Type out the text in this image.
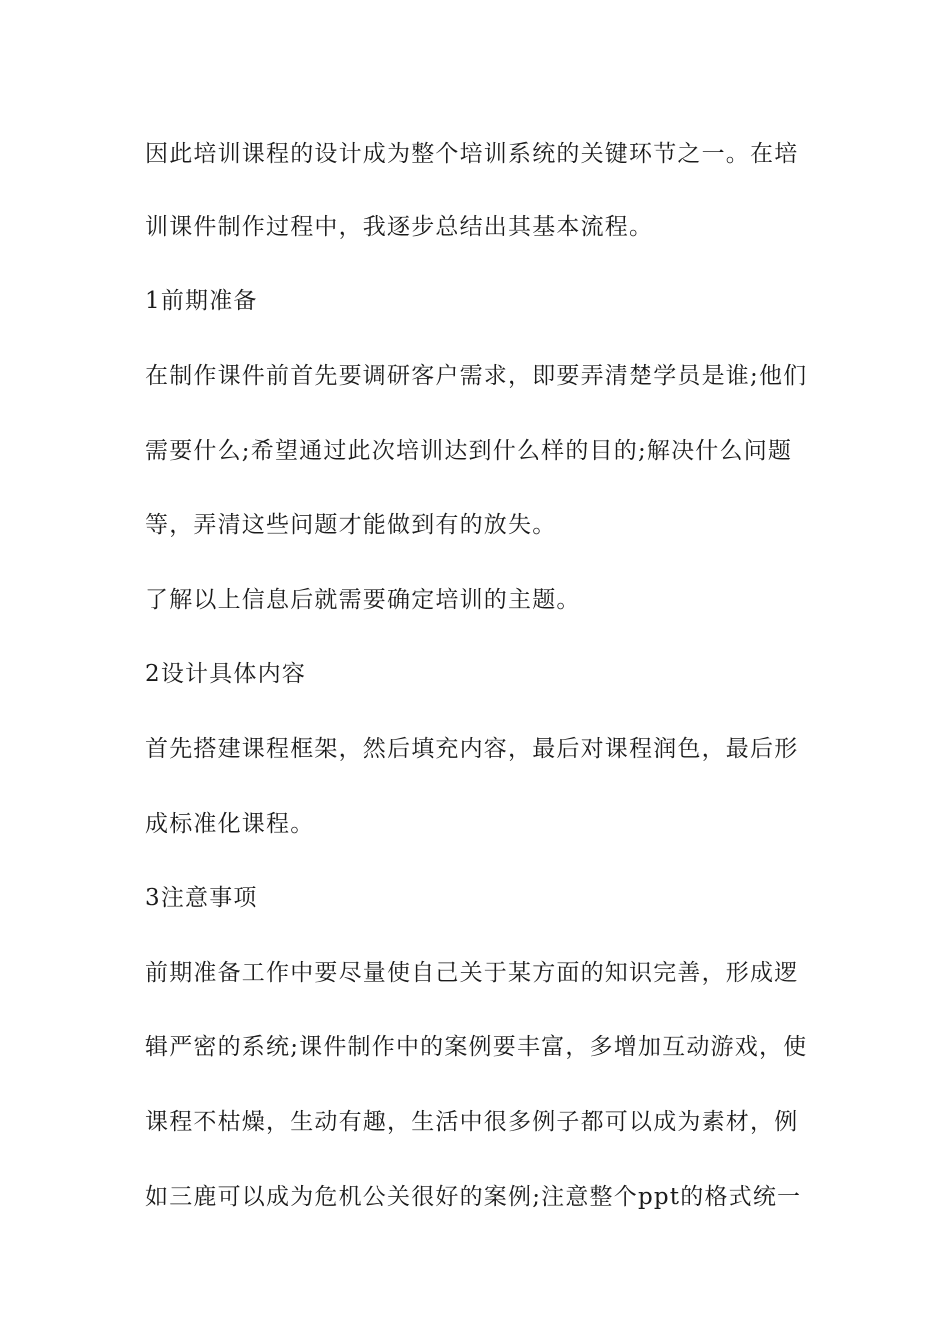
因此培训课程的设计成为整个培训系统的关键环节之一。在培
训课件制作过程中，我逐步总结出其基本流程。
1前期准备
在制作课件前首先要调研客户需求，即要弄清楚学员是谁;他们
需要什么;希望通过此次培训达到什么样的目的;解决什么问题
等，弄清这些问题才能做到有的放失。
了解以上信息后就需要确定培训的主题。
2设计具体内容
首先搭建课程框架，然后填充内容，最后对课程润色，最后形
成标准化课程。
3注意事项
前期准备工作中要尽量使自己关于某方面的知识完善，形成逻
辑严密的系统;课件制作中的案例要丰富，多增加互动游戏，使
课程不枯燥，生动有趣，生活中很多例子都可以成为素材，例
如三鹿可以成为危机公关很好的案例;注意整个ppt的格式统一
